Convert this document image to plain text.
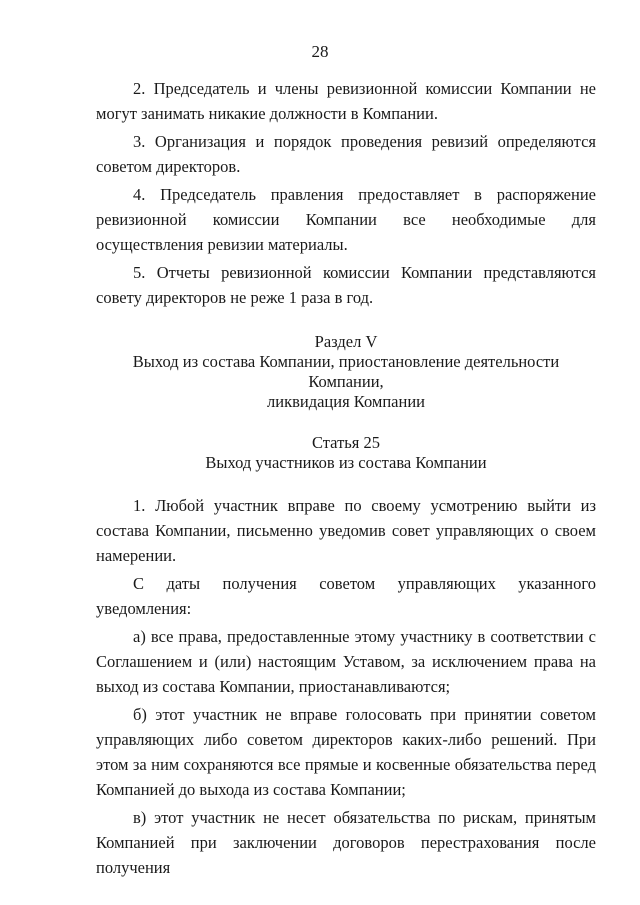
28

2. Председатель и члены ревизионной комиссии Компании не могут занимать никакие должности в Компании.

3. Организация и порядок проведения ревизий определяются советом директоров.

4. Председатель правления предоставляет в распоряжение ревизионной комиссии Компании все необходимые для осуществления ревизии материалы.

5. Отчеты ревизионной комиссии Компании представляются совету директоров не реже 1 раза в год.

Раздел V

Выход из состава Компании, приостановление деятельности Компании,

ликвидация Компании

Статья 25

Выход участников из состава Компании

1. Любой участник вправе по своему усмотрению выйти из состава Компании, письменно уведомив совет управляющих о своем намерении.

С даты получения советом управляющих указанного уведомления:

а) все права, предоставленные этому участнику в соответствии с Соглашением и (или) настоящим Уставом, за исключением права на выход из состава Компании, приостанавливаются;

б) этот участник не вправе голосовать при принятии советом управляющих либо советом директоров каких-либо решений. При этом за ним сохраняются все прямые и косвенные обязательства перед Компанией до выхода из состава Компании;

в) этот участник не несет обязательства по рискам, принятым Компанией при заключении договоров перестрахования после получения
